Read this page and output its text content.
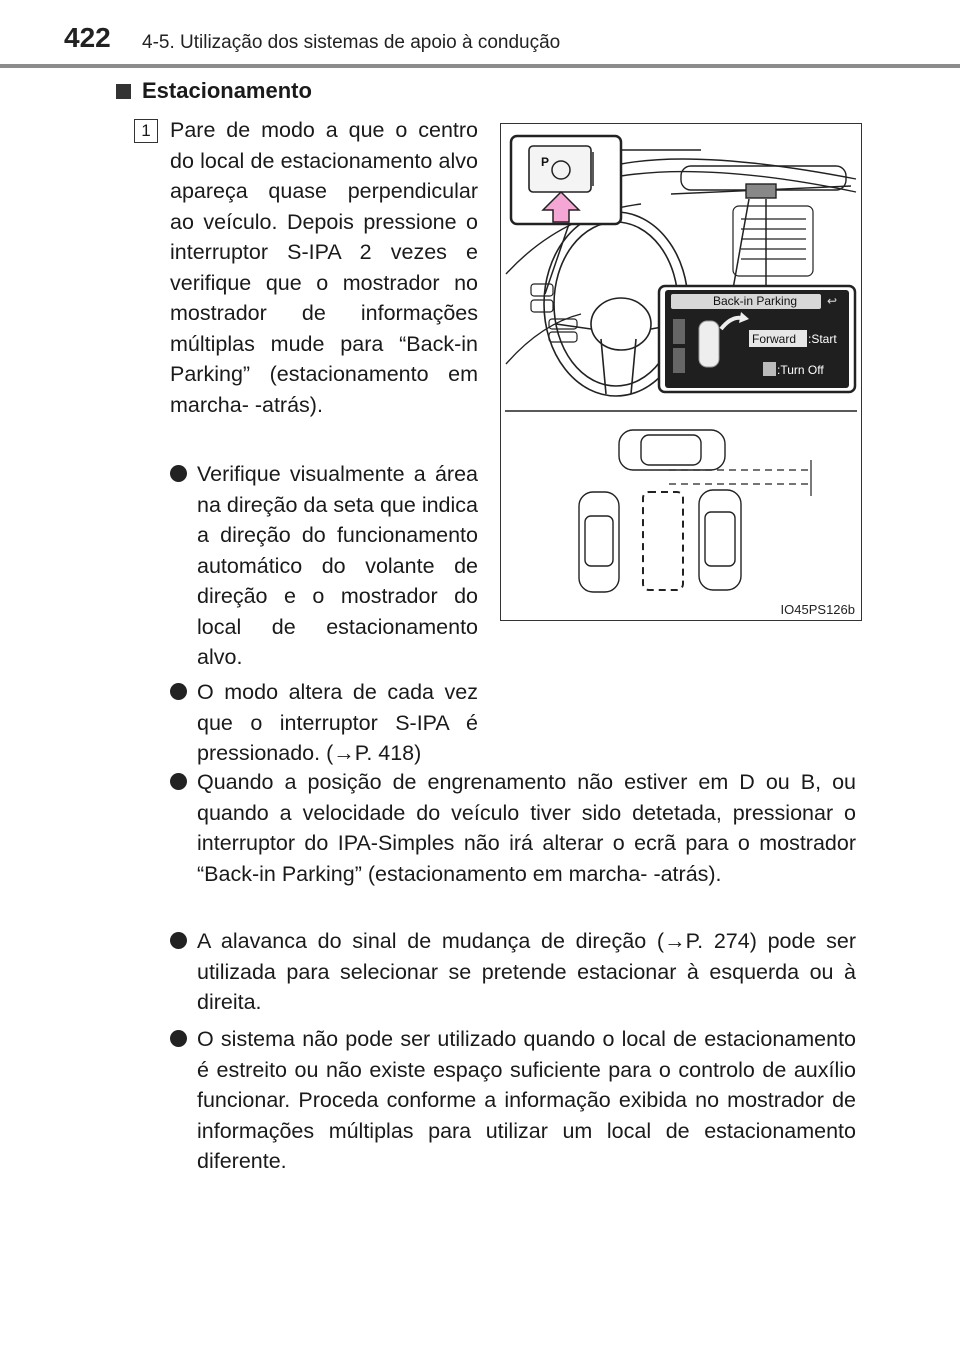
422 4-5. Utilização dos sistemas de apoio à condução
Estacionamento
1 Pare de modo a que o centro do local de estacionamento alvo apareça quase perpendicular ao veículo. Depois pressione o interruptor S-IPA 2 vezes e verifique que o mostrador no mostrador de informações múltiplas mude para “Back-in Parking” (estacionamento em marcha- -atrás).
Verifique visualmente a área na direção da seta que indica a direção do funcionamento automático do volante de direção e o mostrador do local de estacionamento alvo.
O modo altera de cada vez que o interruptor S-IPA é pressionado. (→P. 418)
Quando a posição de engrenamento não estiver em D ou B, ou quando a velocidade do veículo tiver sido detetada, pressionar o interruptor do IPA-Simples não irá alterar o ecrã para o mostrador “Back-in Parking” (estacionamento em marcha- -atrás).
A alavanca do sinal de mudança de direção (→P. 274) pode ser utilizada para selecionar se pretende estacionar à esquerda ou à direita.
O sistema não pode ser utilizado quando o local de estacionamento é estreito ou não existe espaço suficiente para o controlo de auxílio funcionar. Proceda conforme a informação exibida no mostrador de informações múltiplas para utilizar um local de estacionamento diferente.
P
Back-in Parking ↩
Forward :Start
:Turn Off
IO45PS126b
